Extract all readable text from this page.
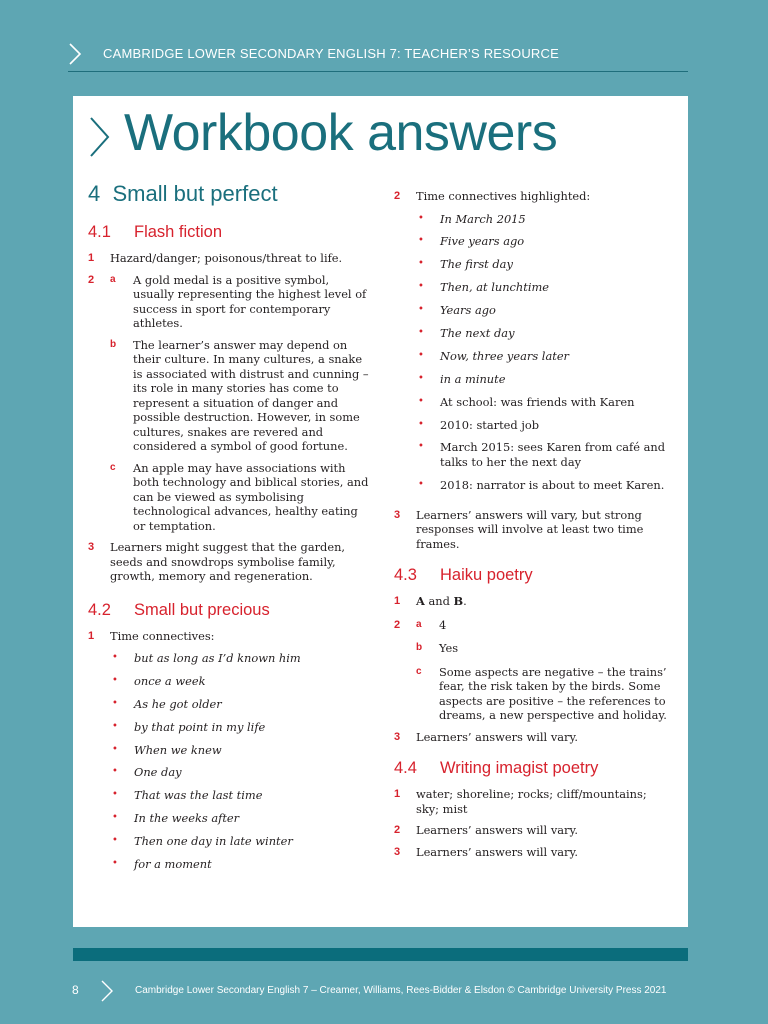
CAMBRIDGE LOWER SECONDARY ENGLISH 7: TEACHER’S RESOURCE
Workbook answers
4 Small but perfect
4.1	Flash fiction
1	Hazard/danger; poisonous/threat to life.
2	a	A gold medal is a positive symbol, usually representing the highest level of success in sport for contemporary athletes.
b	The learner’s answer may depend on their culture. In many cultures, a snake is associated with distrust and cunning – its role in many stories has come to represent a situation of danger and possible destruction. However, in some cultures, snakes are revered and considered a symbol of good fortune.
c	An apple may have associations with both technology and biblical stories, and can be viewed as symbolising technological advances, healthy eating or temptation.
3	Learners might suggest that the garden, seeds and snowdrops symbolise family, growth, memory and regeneration.
4.2	Small but precious
1	Time connectives:
•	but as long as I’d known him
•	once a week
•	As he got older
•	by that point in my life
•	When we knew
•	One day
•	That was the last time
•	In the weeks after
•	Then one day in late winter
•	for a moment
2	Time connectives highlighted:
•	In March 2015
•	Five years ago
•	The first day
•	Then, at lunchtime
•	Years ago
•	The next day
•	Now, three years later
•	in a minute
•	At school: was friends with Karen
•	2010: started job
•	March 2015: sees Karen from café and talks to her the next day
•	2018: narrator is about to meet Karen.
3	Learners’ answers will vary, but strong responses will involve at least two time frames.
4.3	Haiku poetry
1	A and B.
2	a	4
b	Yes
c	Some aspects are negative – the trains’ fear, the risk taken by the birds. Some aspects are positive – the references to dreams, a new perspective and holiday.
3	Learners’ answers will vary.
4.4	Writing imagist poetry
1	water; shoreline; rocks; cliff/mountains; sky; mist
2	Learners’ answers will vary.
3	Learners’ answers will vary.
8	Cambridge Lower Secondary English 7 – Creamer, Williams, Rees-Bidder & Elsdon © Cambridge University Press 2021
